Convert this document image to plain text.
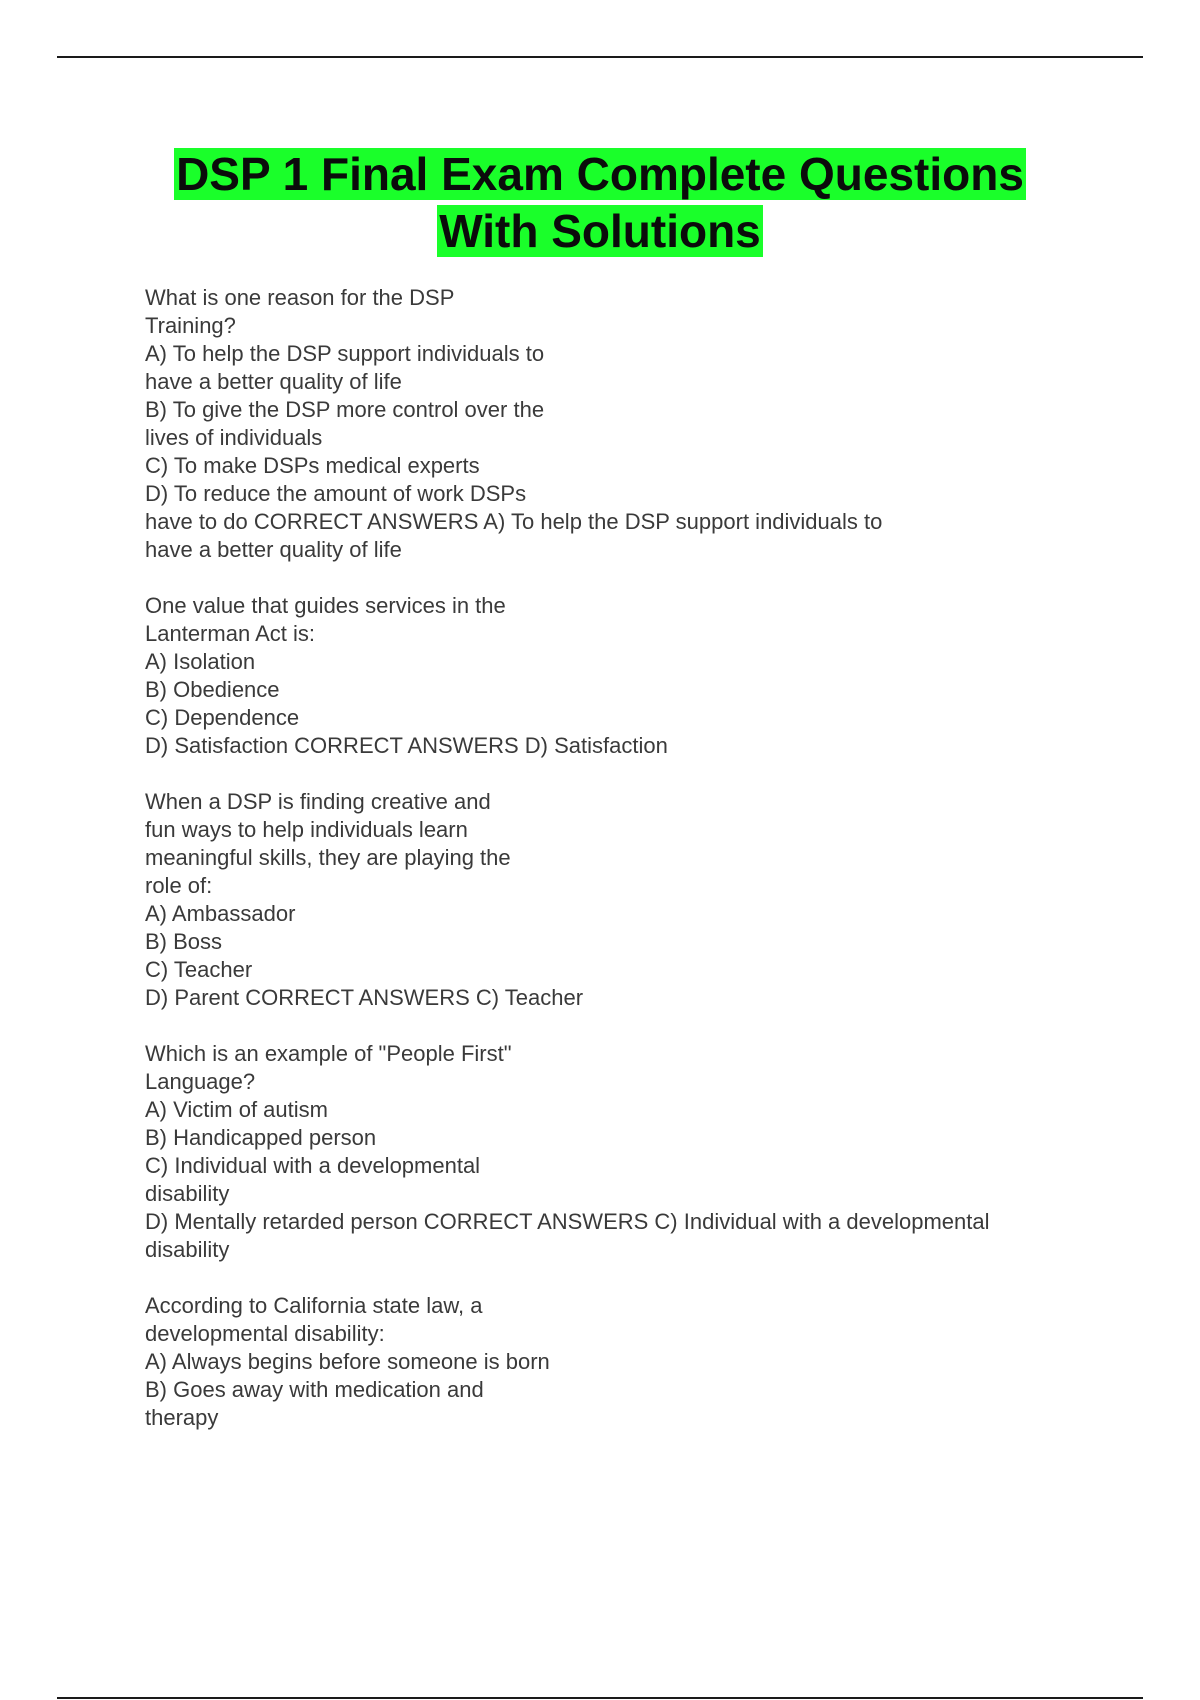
DSP 1 Final Exam Complete Questions
With Solutions
What is one reason for the DSP
Training?
A) To help the DSP support individuals to
have a better quality of life
B) To give the DSP more control over the
lives of individuals
C) To make DSPs medical experts
D) To reduce the amount of work DSPs
have to do CORRECT ANSWERS A) To help the DSP support individuals to
have a better quality of life
One value that guides services in the
Lanterman Act is:
A) Isolation
B) Obedience
C) Dependence
D) Satisfaction CORRECT ANSWERS D) Satisfaction
When a DSP is finding creative and
fun ways to help individuals learn
meaningful skills, they are playing the
role of:
A) Ambassador
B) Boss
C) Teacher
D) Parent CORRECT ANSWERS C) Teacher
Which is an example of "People First"
Language?
A) Victim of autism
B) Handicapped person
C) Individual with a developmental
disability
D) Mentally retarded person CORRECT ANSWERS C) Individual with a developmental
disability
According to California state law, a
developmental disability:
A) Always begins before someone is born
B) Goes away with medication and
therapy
